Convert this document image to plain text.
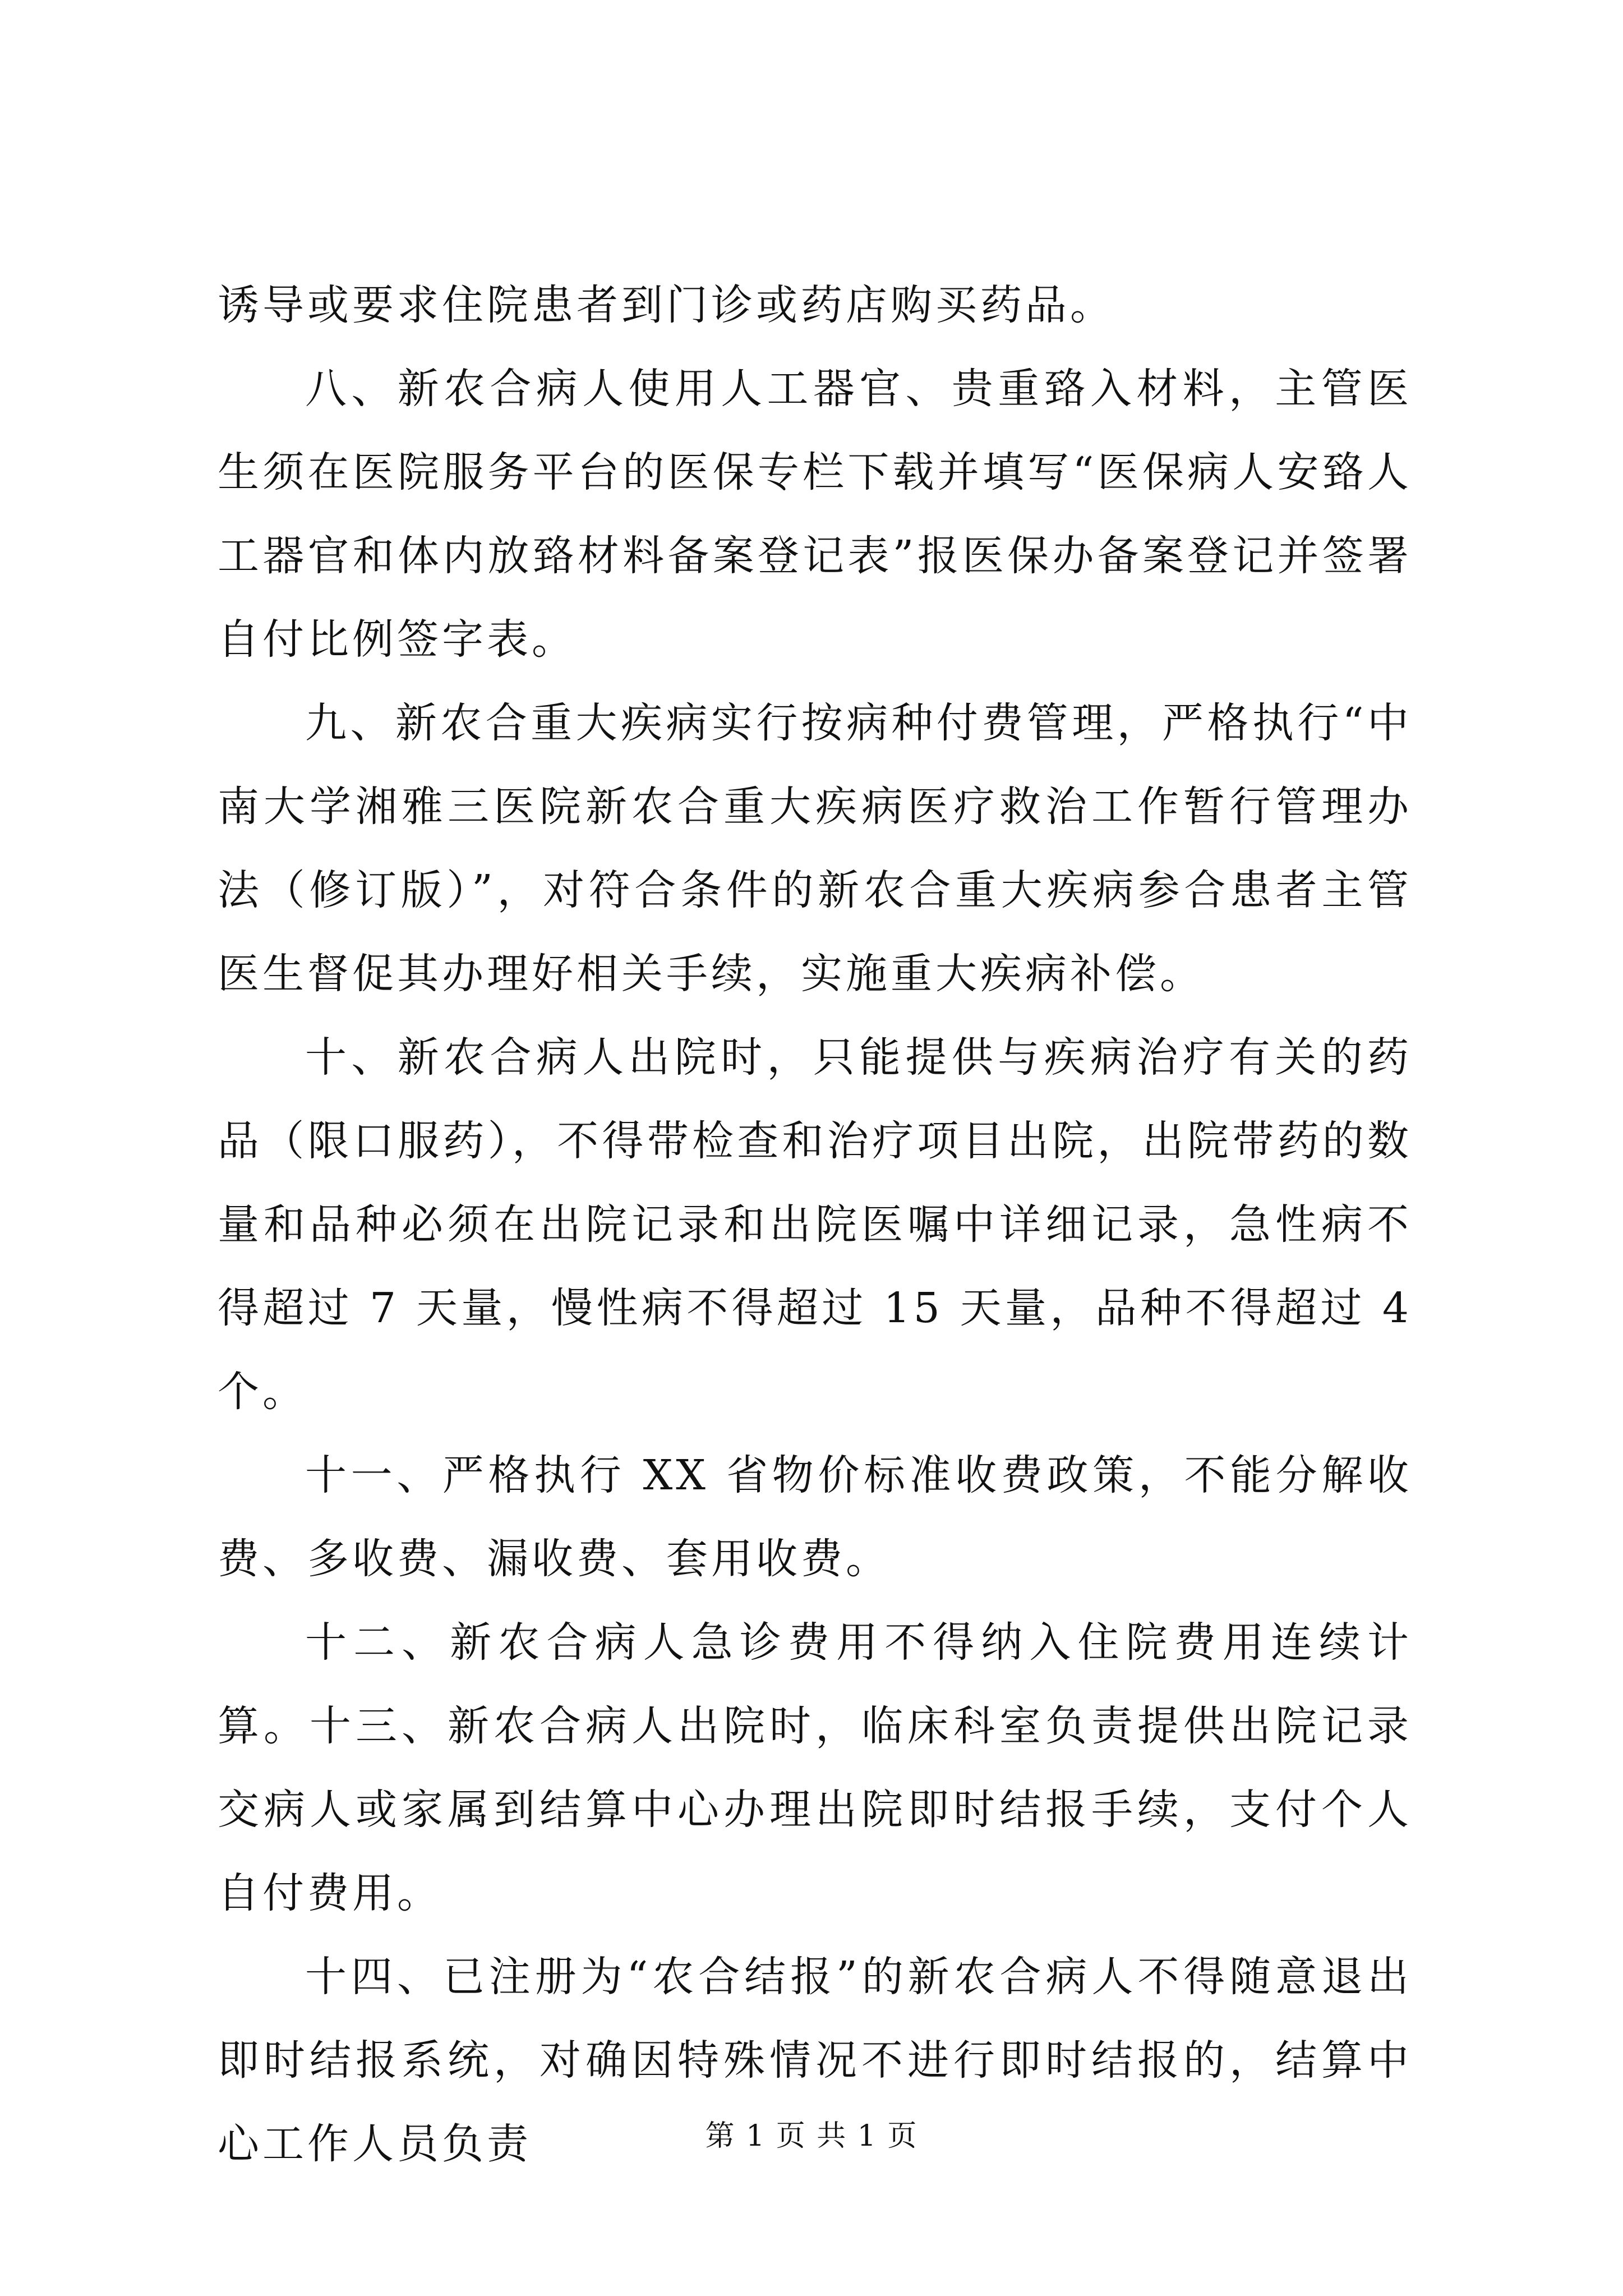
诱导或要求住院患者到门诊或药店购买药品。

八、新农合病人使用人工器官、贵重臵入材料，主管医生须在医院服务平台的医保专栏下载并填写“医保病人安臵人工器官和体内放臵材料备案登记表”报医保办备案登记并签署自付比例签字表。

九、新农合重大疾病实行按病种付费管理，严格执行“中南大学湘雅三医院新农合重大疾病医疗救治工作暂行管理办法（修订版）”，对符合条件的新农合重大疾病参合患者主管医生督促其办理好相关手续，实施重大疾病补偿。

十、新农合病人出院时，只能提供与疾病治疗有关的药品（限口服药），不得带检查和治疗项目出院，出院带药的数量和品种必须在出院记录和出院医嘱中详细记录，急性病不得超过 7 天量，慢性病不得超过 15 天量，品种不得超过 4 个。

十一、严格执行 XX 省物价标准收费政策，不能分解收费、多收费、漏收费、套用收费。

十二、新农合病人急诊费用不得纳入住院费用连续计算。十三、新农合病人出院时，临床科室负责提供出院记录交病人或家属到结算中心办理出院即时结报手续，支付个人自付费用。

十四、已注册为“农合结报”的新农合病人不得随意退出即时结报系统，对确因特殊情况不进行即时结报的，结算中心工作人员负责	第 1 页 共 1 页
